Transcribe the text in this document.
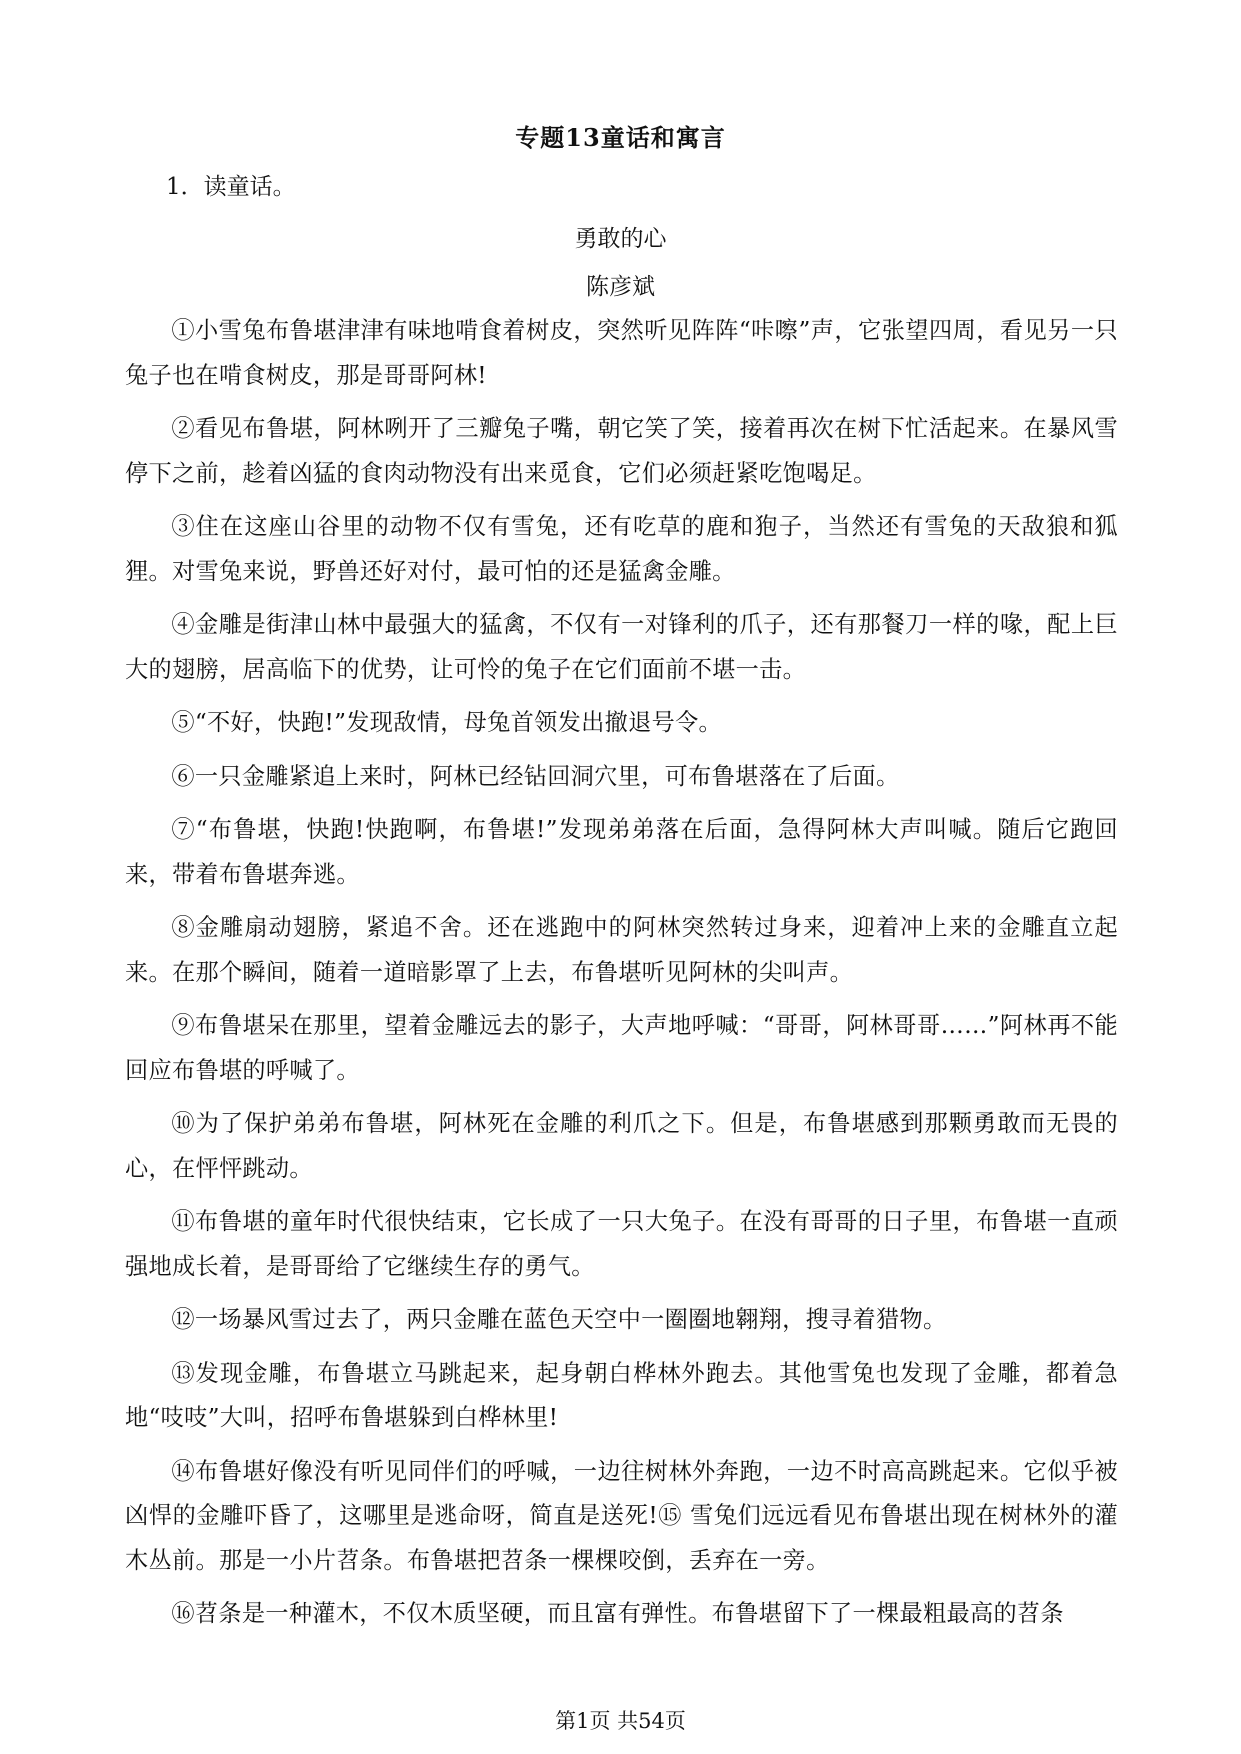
专题13童话和寓言
1．读童话。
勇敢的心
陈彦斌

①小雪兔布鲁堪津津有味地啃食着树皮，突然听见阵阵“咔嚓”声，它张望四周，看见另一只兔子也在啃食树皮，那是哥哥阿林!

②看见布鲁堪，阿林咧开了三瓣兔子嘴，朝它笑了笑，接着再次在树下忙活起来。在暴风雪停下之前，趁着凶猛的食肉动物没有出来觅食，它们必须赶紧吃饱喝足。

③住在这座山谷里的动物不仅有雪兔，还有吃草的鹿和狍子，当然还有雪兔的天敌狼和狐狸。对雪兔来说，野兽还好对付，最可怕的还是猛禽金雕。

④金雕是街津山林中最强大的猛禽，不仅有一对锋利的爪子，还有那餐刀一样的喙，配上巨大的翅膀，居高临下的优势，让可怜的兔子在它们面前不堪一击。

⑤“不好，快跑!”发现敌情，母兔首领发出撤退号令。

⑥一只金雕紧追上来时，阿林已经钻回洞穴里，可布鲁堪落在了后面。

⑦“布鲁堪，快跑!快跑啊，布鲁堪!”发现弟弟落在后面，急得阿林大声叫喊。随后它跑回来，带着布鲁堪奔逃。

⑧金雕扇动翅膀，紧追不舍。还在逃跑中的阿林突然转过身来，迎着冲上来的金雕直立起来。在那个瞬间，随着一道暗影罩了上去，布鲁堪听见阿林的尖叫声。

⑨布鲁堪呆在那里，望着金雕远去的影子，大声地呼喊：“哥哥，阿林哥哥……”阿林再不能回应布鲁堪的呼喊了。

⑩为了保护弟弟布鲁堪，阿林死在金雕的利爪之下。但是，布鲁堪感到那颗勇敢而无畏的心，在怦怦跳动。

⑪布鲁堪的童年时代很快结束，它长成了一只大兔子。在没有哥哥的日子里，布鲁堪一直顽强地成长着，是哥哥给了它继续生存的勇气。

⑫一场暴风雪过去了，两只金雕在蓝色天空中一圈圈地翱翔，搜寻着猎物。

⑬发现金雕，布鲁堪立马跳起来，起身朝白桦林外跑去。其他雪兔也发现了金雕，都着急地“吱吱”大叫，招呼布鲁堪躲到白桦林里!

⑭布鲁堪好像没有听见同伴们的呼喊，一边往树林外奔跑，一边不时高高跳起来。它似乎被凶悍的金雕吓昏了，这哪里是逃命呀，简直是送死!⑮ 雪兔们远远看见布鲁堪出现在树林外的灌木丛前。那是一小片苕条。布鲁堪把苕条一棵棵咬倒，丢弃在一旁。

⑯苕条是一种灌木，不仅木质坚硬，而且富有弹性。布鲁堪留下了一棵最粗最高的苕条

第1页 共54页
